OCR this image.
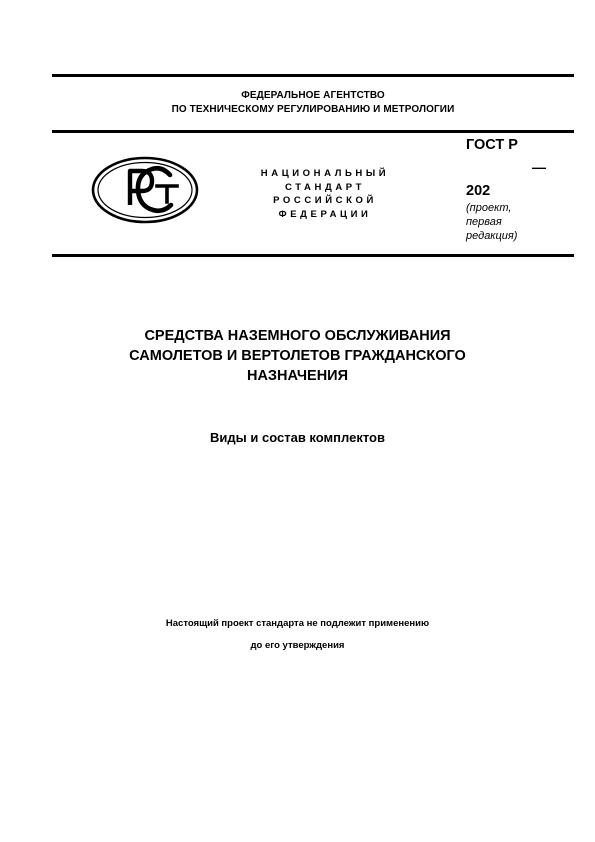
ФЕДЕРАЛЬНОЕ АГЕНТСТВО
ПО ТЕХНИЧЕСКОМУ РЕГУЛИРОВАНИЮ И МЕТРОЛОГИИ
НАЦИОНАЛЬНЫЙ
СТАНДАРТ
РОССИЙСКОЙ
ФЕДЕРАЦИИ
ГОСТ Р
—
202
(проект,
первая
редакция)
СРЕДСТВА НАЗЕМНОГО ОБСЛУЖИВАНИЯ
САМОЛЕТОВ И ВЕРТОЛЕТОВ ГРАЖДАНСКОГО
НАЗНАЧЕНИЯ
Виды и состав комплектов
Настоящий проект стандарта не подлежит применению
до его утверждения
